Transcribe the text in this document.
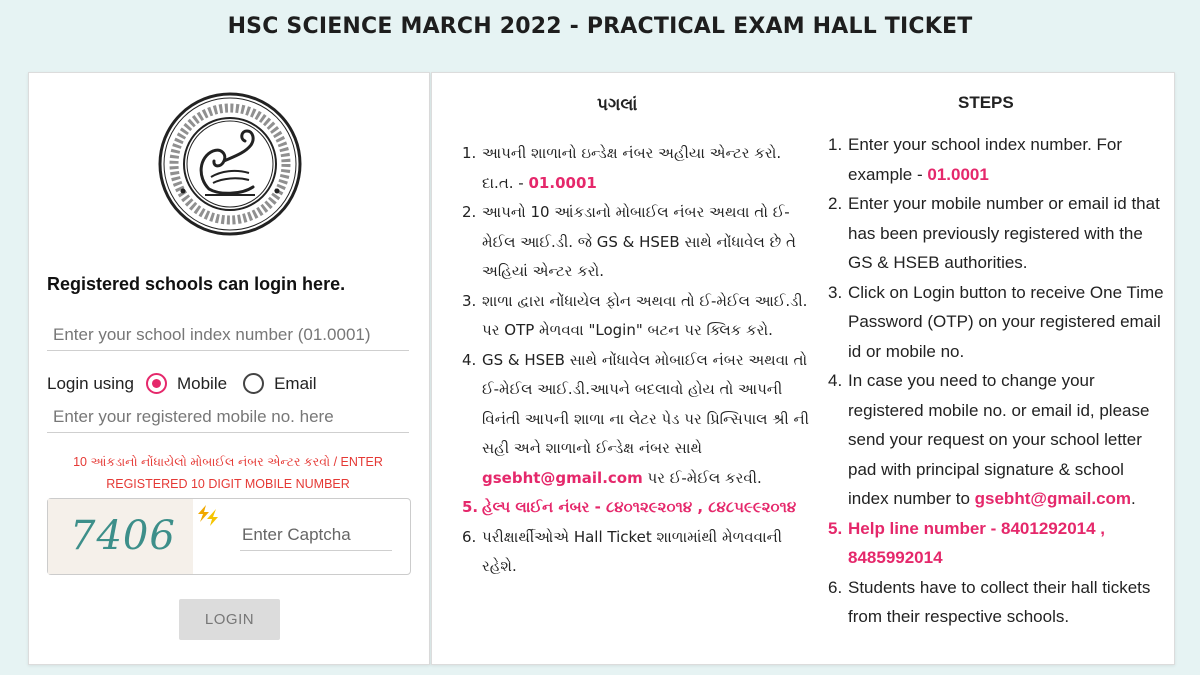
HSC SCIENCE MARCH 2022 - PRACTICAL EXAM HALL TICKET
Registered schools can login here.
Enter your school index number (01.0001)
Login using	Mobile	Email
Enter your registered mobile no. here
10 આંકડાનો નોંધાયેલો મોબાઈલ નંબર એન્ટર કરવો / ENTER
REGISTERED 10 DIGIT MOBILE NUMBER
7406
Enter Captcha
LOGIN
પગલાં
1. આપની શાળાનો ઇન્ડેક્ષ નંબર અહીયા એન્ટર કરો. દા.ત. - 01.0001
2. આપનો 10 આંકડાનો મોબાઈલ નંબર અથવા તો ઈ-મેઈલ આઈ.ડી. જે GS & HSEB સાથે નોંધાવેલ છે તે અહિયાં એન્ટર કરો.
3. શાળા દ્વારા નોંધાયેલ ફોન અથવા તો ઈ-મેઈલ આઈ.ડી. પર OTP મેળવવા "Login" બટન પર ક્લિક કરો.
4. GS & HSEB સાથે નોંધાવેલ મોબાઈલ નંબર અથવા તો ઈ-મેઈલ આઈ.ડી.આપને બદલાવો હોય તો આપની વિનંતી આપની શાળા ના લેટર પેડ પર પ્રિન્સિપાલ શ્રી ની સહી અને શાળાનો ઈન્ડેક્ષ નંબર સાથે gsebht@gmail.com પર ઈ-મેઈલ કરવી.
5. હેલ્પ લાઈન નંબર - ૮૪૦૧૨૯૨૦૧૪ , ૮૪૮૫૯૯૨૦૧૪
6. પરીક્ષાર્થીઓએ Hall Ticket શાળામાંથી મેળવવાની રહેશે.
STEPS
1. Enter your school index number. For example - 01.0001
2. Enter your mobile number or email id that has been previously registered with the GS & HSEB authorities.
3. Click on Login button to receive One Time Password (OTP) on your registered email id or mobile no.
4. In case you need to change your registered mobile no. or email id, please send your request on your school letter pad with principal signature & school index number to gsebht@gmail.com.
5. Help line number - 8401292014 , 8485992014
6. Students have to collect their hall tickets from their respective schools.
